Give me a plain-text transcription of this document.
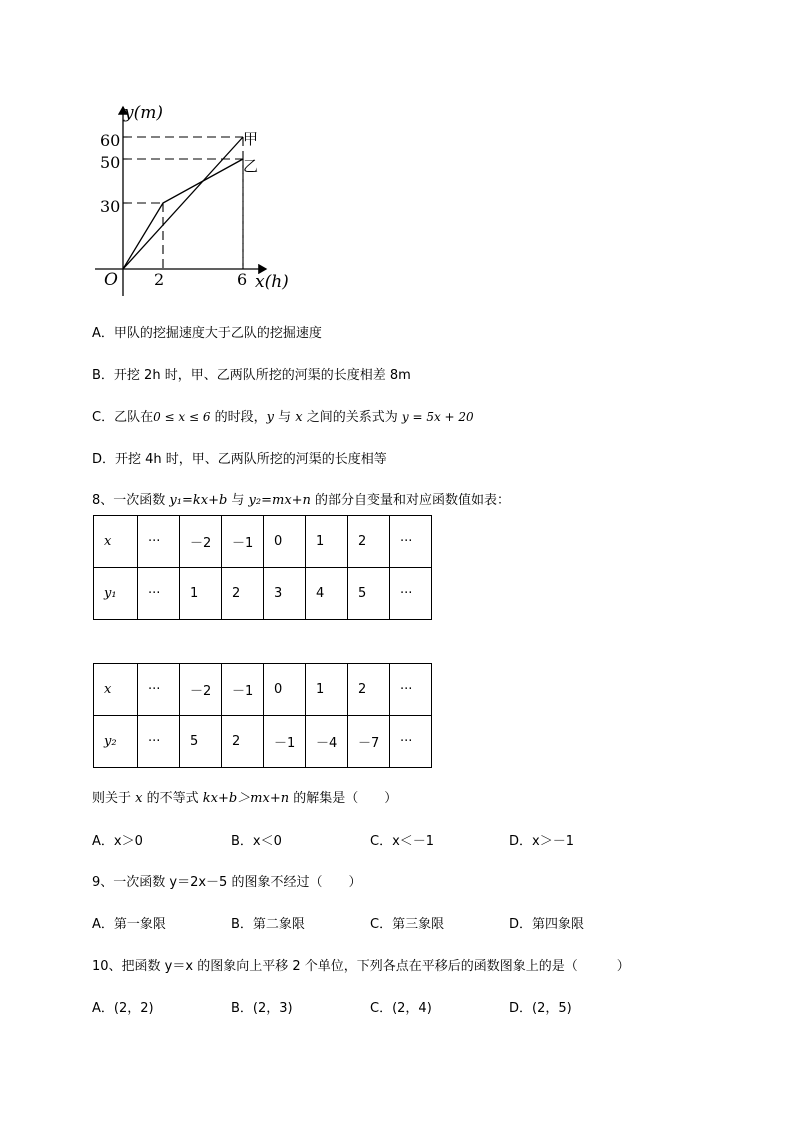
y(m)
x(h)
O 2	6
30
50
60	甲
乙
A．甲队的挖掘速度大于乙队的挖掘速度
B．开挖 2h 时，甲、乙两队所挖的河渠的长度相差 8m
C．乙队在0 ≤ x ≤ 6 的时段，y 与 x 之间的关系式为 y = 5x + 20
D．开挖 4h 时，甲、乙两队所挖的河渠的长度相等
8、一次函数 y₁=kx+b 与 y₂=mx+n 的部分自变量和对应函数值如表：
x	···	－2	－1	0	1	2	···
y₁	···	1	2	3	4	5	···
x	···	－2	－1	0	1	2	···
y₂	···	5	2	－1	－4	－7	···
则关于 x 的不等式 kx+b＞mx+n 的解集是（　　）
A．x＞0	B．x＜0	C．x＜－1	D．x＞－1
9、一次函数 y＝2x－5 的图象不经过（　　）
A．第一象限	B．第二象限	C．第三象限	D．第四象限
10、把函数 y＝x 的图象向上平移 2 个单位，下列各点在平移后的函数图象上的是（　　　）
A．(2，2)	B．(2，3)	C．(2，4)	D．(2，5)
